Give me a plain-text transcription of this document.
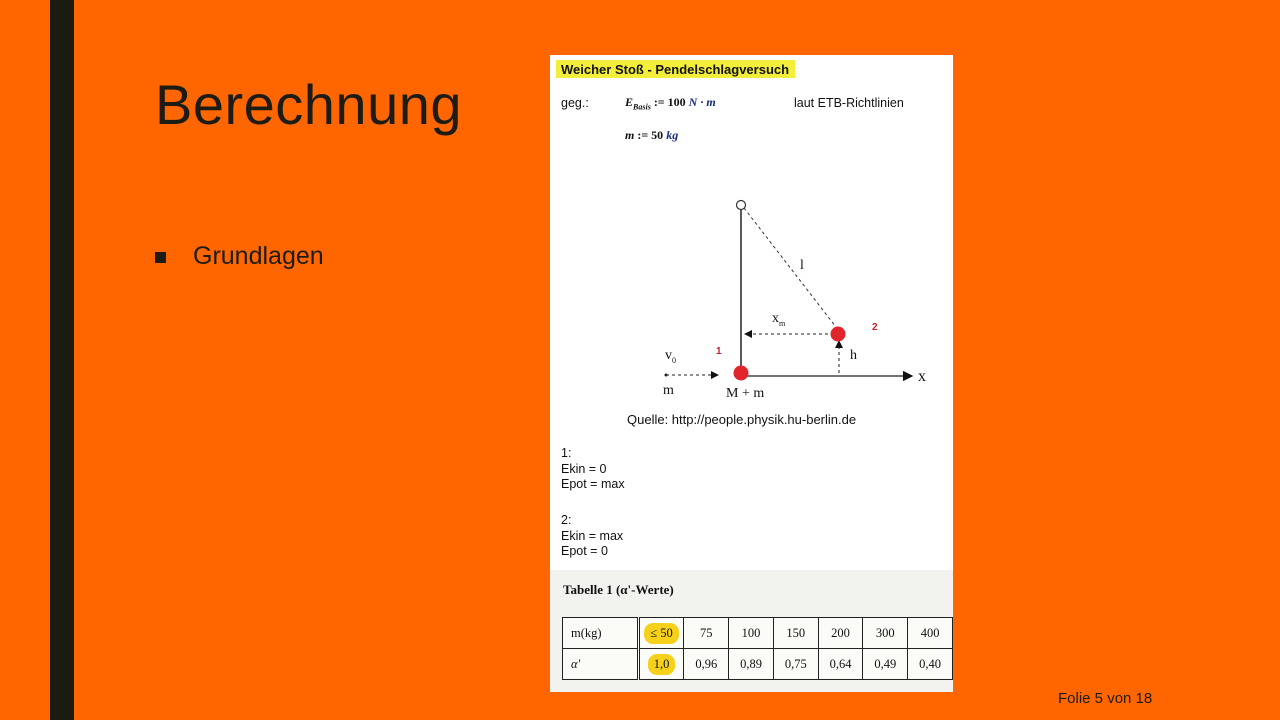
Berechnung
Grundlagen
Folie 5 von 18
Weicher Stoß - Pendelschlagversuch
geg.:	$E_{Basis}$ := 100 N · m	laut ETB-Richtlinien
m := 50 kg
l
$x_m$	2
h
$v_0$
1
m	M + m
x
Quelle: http://people.physik.hu-berlin.de
1:
Ekin = 0
Epot = max
2:
Ekin = max
Epot = 0
Tabelle 1 (α'-Werte)
m(kg)	≤ 50	75	100	150	200	300	400
α'	1,0	0,96	0,89	0,75	0,64	0,49	0,40
